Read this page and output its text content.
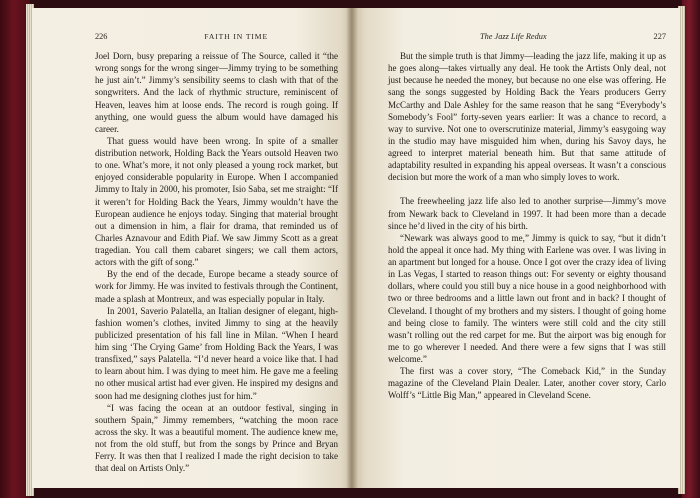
226	FAITH IN TIME

Joel Dorn, busy preparing a reissue of The Source, called it “the wrong songs for the wrong singer—Jimmy trying to be something he just ain’t.” Jimmy’s sensibility seems to clash with that of the songwriters. And the lack of rhythmic structure, reminiscent of Heaven, leaves him at loose ends. The record is rough going. If anything, one would guess the album would have damaged his career.

That guess would have been wrong. In spite of a smaller distribution network, Holding Back the Years outsold Heaven two to one. What’s more, it not only pleased a young rock market, but enjoyed considerable popularity in Europe. When I accompanied Jimmy to Italy in 2000, his promoter, Isio Saba, set me straight: “If it weren’t for Holding Back the Years, Jimmy wouldn’t have the European audience he enjoys today. Singing that material brought out a dimension in him, a flair for drama, that reminded us of Charles Aznavour and Edith Piaf. We saw Jimmy Scott as a great tragedian. You call them cabaret singers; we call them actors, actors with the gift of song.”

By the end of the decade, Europe became a steady source of work for Jimmy. He was invited to festivals through the Continent, made a splash at Montreux, and was especially popular in Italy.

In 2001, Saverio Palatella, an Italian designer of elegant, high-fashion women’s clothes, invited Jimmy to sing at the heavily publicized presentation of his fall line in Milan. “When I heard him sing ‘The Crying Game’ from Holding Back the Years, I was transfixed,” says Palatella. “I’d never heard a voice like that. I had to learn about him. I was dying to meet him. He gave me a feeling no other musical artist had ever given. He inspired my designs and soon had me designing clothes just for him.”

“I was facing the ocean at an outdoor festival, singing in southern Spain,” Jimmy remembers, “watching the moon race across the sky. It was a beautiful moment. The audience knew me, not from the old stuff, but from the songs by Prince and Bryan Ferry. It was then that I realized I made the right decision to take that deal on Artists Only.”

The Jazz Life Redux	227

But the simple truth is that Jimmy—leading the jazz life, making it up as he goes along—takes virtually any deal. He took the Artists Only deal, not just because he needed the money, but because no one else was offering. He sang the songs suggested by Holding Back the Years producers Gerry McCarthy and Dale Ashley for the same reason that he sang “Everybody’s Somebody’s Fool” forty-seven years earlier: It was a chance to record, a way to survive. Not one to overscrutinize material, Jimmy’s easygoing way in the studio may have misguided him when, during his Savoy days, he agreed to interpret material beneath him. But that same attitude of adaptability resulted in expanding his appeal overseas. It wasn’t a conscious decision but more the work of a man who simply loves to work.

The freewheeling jazz life also led to another surprise—Jimmy’s move from Newark back to Cleveland in 1997. It had been more than a decade since he’d lived in the city of his birth.

“Newark was always good to me,” Jimmy is quick to say, “but it didn’t hold the appeal it once had. My thing with Earlene was over. I was living in an apartment but longed for a house. Once I got over the crazy idea of living in Las Vegas, I started to reason things out: For seventy or eighty thousand dollars, where could you still buy a nice house in a good neighborhood with two or three bedrooms and a little lawn out front and in back? I thought of Cleveland. I thought of my brothers and my sisters. I thought of going home and being close to family. The winters were still cold and the city still wasn’t rolling out the red carpet for me. But the airport was big enough for me to go wherever I needed. And there were a few signs that I was still welcome.”

The first was a cover story, “The Comeback Kid,” in the Sunday magazine of the Cleveland Plain Dealer. Later, another cover story, Carlo Wolff’s “Little Big Man,” appeared in Cleveland Scene.
